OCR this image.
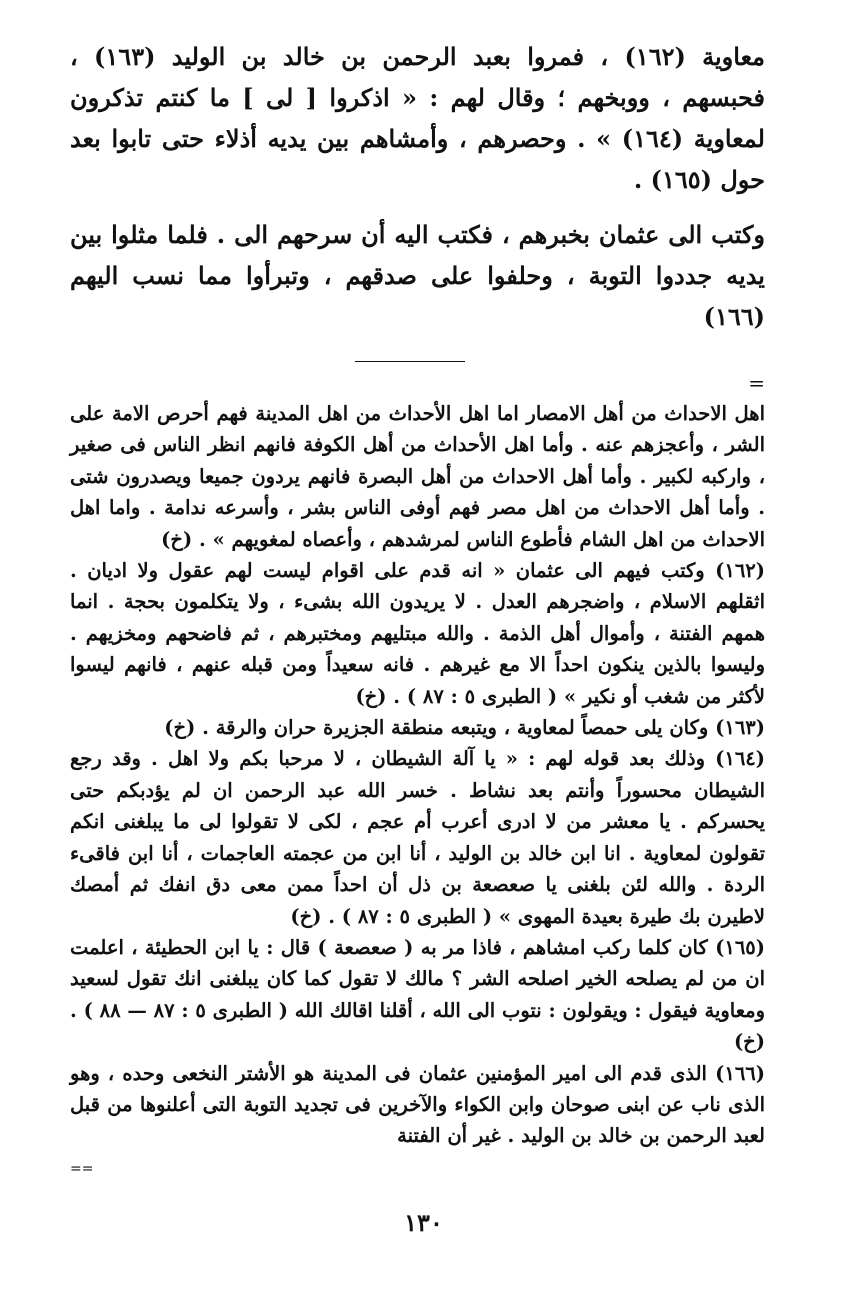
معاوية (١٦٢) ، فمروا بعبد الرحمن بن خالد بن الوليد (١٦٣) ، فحبسهم ، ووبخهم ؛ وقال لهم : « اذكروا [ لى ] ما كنتم تذكرون لمعاوية (١٦٤) » . وحصرهم ، وأمشاهم بين يديه أذلاء حتى تابوا بعد حول (١٦٥) .

وكتب الى عثمان بخبرهم ، فكتب اليه أن سرحهم الى . فلما مثلوا بين يديه جددوا التوبة ، وحلفوا على صدقهم ، وتبرأوا مما نسب اليهم (١٦٦)

=

اهل الاحداث من أهل الامصار اما اهل الأحداث من اهل المدينة فهم أحرص الامة على الشر ، وأعجزهم عنه . وأما اهل الأحداث من أهل الكوفة فانهم انظر الناس فى صغير ، واركبه لكبير . وأما أهل الاحداث من أهل البصرة فانهم يردون جميعا ويصدرون شتى . وأما أهل الاحداث من اهل مصر فهم أوفى الناس بشر ، وأسرعه ندامة . واما اهل الاحداث من اهل الشام فأطوع الناس لمرشدهم ، وأعصاه لمغويهم » . (خ)

(١٦٢) وكتب فيهم الى عثمان « انه قدم على اقوام ليست لهم عقول ولا اديان . اثقلهم الاسلام ، واضجرهم العدل . لا يريدون الله بشىء ، ولا يتكلمون بحجة . انما همهم الفتنة ، وأموال أهل الذمة . والله مبتليهم ومختبرهم ، ثم فاضحهم ومخزيهم . وليسوا بالذين ينكون احداً الا مع غيرهم . فانه سعيداً ومن قبله عنهم ، فانهم ليسوا لأكثر من شغب أو نكير » ( الطبرى ٥ : ٨٧ ) . (خ)

(١٦٣) وكان يلى حمصاً لمعاوية ، ويتبعه منطقة الجزيرة حران والرقة . (خ)

(١٦٤) وذلك بعد قوله لهم : « يا آلة الشيطان ، لا مرحبا بكم ولا اهل . وقد رجع الشيطان محسوراً وأنتم بعد نشاط . خسر الله عبد الرحمن ان لم يؤدبكم حتى يحسركم . يا معشر من لا ادرى أعرب أم عجم ، لكى لا تقولوا لى ما يبلغنى انكم تقولون لمعاوية . انا ابن خالد بن الوليد ، أنا ابن من عجمته العاجمات ، أنا ابن فاقىء الردة . والله لئن بلغنى يا صعصعة بن ذل أن احداً ممن معى دق انفك ثم أمصك لاطيرن بك طيرة بعيدة المهوى » ( الطبرى ٥ : ٨٧ ) . (خ)

(١٦٥) كان كلما ركب امشاهم ، فاذا مر به ( صعصعة ) قال : يا ابن الحطيئة ، اعلمت ان من لم يصلحه الخير اصلحه الشر ؟ مالك لا تقول كما كان يبلغنى انك تقول لسعيد ومعاوية فيقول : ويقولون : نتوب الى الله ، أقلنا اقالك الله ( الطبرى ٥ : ٨٧ — ٨٨ ) . (خ)

(١٦٦) الذى قدم الى امير المؤمنين عثمان فى المدينة هو الأشتر النخعى وحده ، وهو الذى ناب عن ابنى صوحان وابن الكواء والآخرين فى تجديد التوبة التى أعلنوها من قبل لعبد الرحمن بن خالد بن الوليد . غير أن الفتنة

==
١٣٠
